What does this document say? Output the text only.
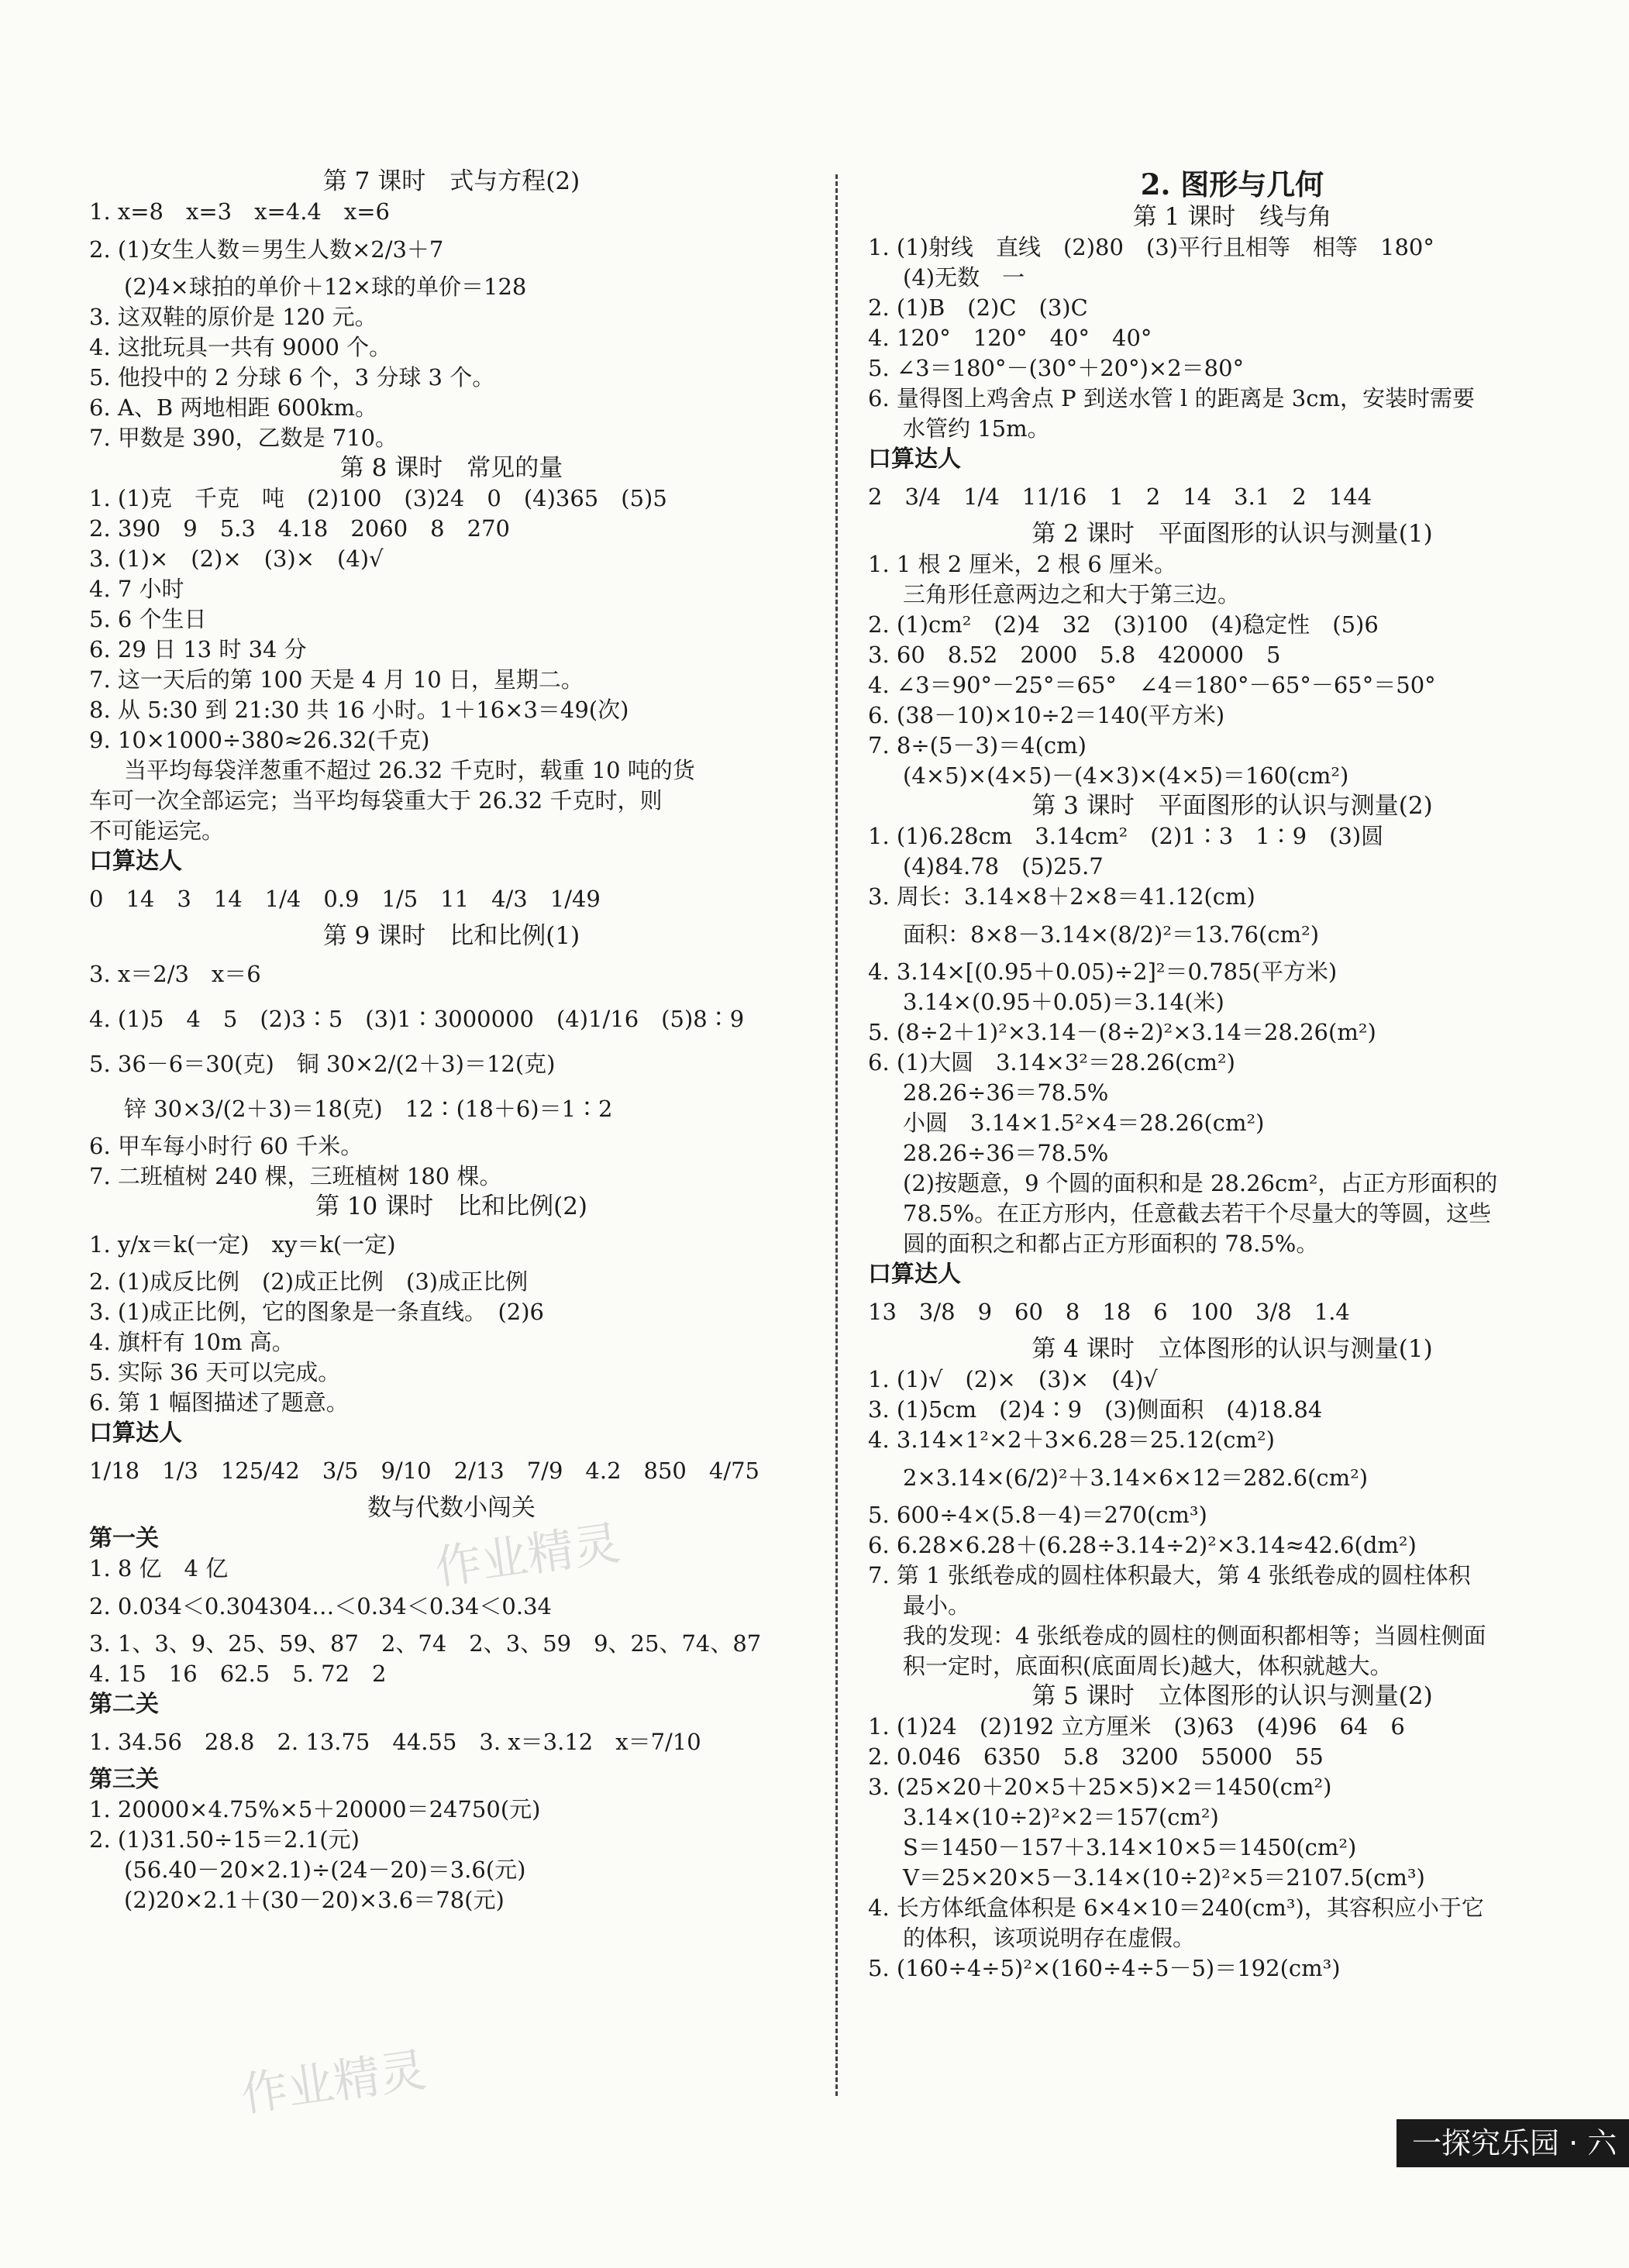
第 7 课时　式与方程(2)
1. x=8　x=3　x=4.4　x=6
2. (1)女生人数＝男生人数×2/3＋7
(2)4×球拍的单价＋12×球的单价＝128
3. 这双鞋的原价是 120 元。
4. 这批玩具一共有 9000 个。
5. 他投中的 2 分球 6 个，3 分球 3 个。
6. A、B 两地相距 600km。
7. 甲数是 390，乙数是 710。
第 8 课时　常见的量
1. (1)克　千克　吨　(2)100　(3)24　0　(4)365　(5)5
2. 390　9　5.3　4.18　2060　8　270
3. (1)×　(2)×　(3)×　(4)√
4. 7 小时
5. 6 个生日
6. 29 日 13 时 34 分
7. 这一天后的第 100 天是 4 月 10 日，星期二。
8. 从 5:30 到 21:30 共 16 小时。1＋16×3＝49(次)
9. 10×1000÷380≈26.32(千克)
当平均每袋洋葱重不超过 26.32 千克时，载重 10 吨的货
车可一次全部运完；当平均每袋重大于 26.32 千克时，则
不可能运完。
口算达人
0　14　3　14　1/4　0.9　1/5　11　4/3　1/49
第 9 课时　比和比例(1)
3. x＝2/3　x＝6
4. (1)5　4　5　(2)3∶5　(3)1∶3000000　(4)1/16　(5)8∶9
5. 36－6＝30(克)　铜 30×2/(2＋3)＝12(克)
锌 30×3/(2＋3)＝18(克)　12∶(18＋6)＝1∶2
6. 甲车每小时行 60 千米。
7. 二班植树 240 棵，三班植树 180 棵。
第 10 课时　比和比例(2)
1. y/x＝k(一定)　xy＝k(一定)
2. (1)成反比例　(2)成正比例　(3)成正比例
3. (1)成正比例，它的图象是一条直线。　(2)6
4. 旗杆有 10m 高。
5. 实际 36 天可以完成。
6. 第 1 幅图描述了题意。
口算达人
1/18　1/3　125/42　3/5　9/10　2/13　7/9　4.2　850　4/75
数与代数小闯关
第一关
1. 8 亿　4 亿
2. 0.034＜0.304304…＜0.34＜0.34＜0.34
3. 1、3、9、25、59、87　2、74　2、3、59　9、25、74、87
4. 15　16　62.5　5. 72　2
第二关
1. 34.56　28.8　2. 13.75　44.55　3. x＝3.12　x＝7/10
第三关
1. 20000×4.75%×5＋20000＝24750(元)
2. (1)31.50÷15＝2.1(元)
(56.40－20×2.1)÷(24－20)＝3.6(元)
(2)20×2.1＋(30－20)×3.6＝78(元)
2. 图形与几何
第 1 课时　线与角
1. (1)射线　直线　(2)80　(3)平行且相等　相等　180°
(4)无数　一
2. (1)B　(2)C　(3)C
4. 120°　120°　40°　40°
5. ∠3＝180°－(30°＋20°)×2＝80°
6. 量得图上鸡舍点 P 到送水管 l 的距离是 3cm，安装时需要
水管约 15m。
口算达人
2　3/4　1/4　11/16　1　2　14　3.1　2　144
第 2 课时　平面图形的认识与测量(1)
1. 1 根 2 厘米，2 根 6 厘米。
三角形任意两边之和大于第三边。
2. (1)cm²　(2)4　32　(3)100　(4)稳定性　(5)6
3. 60　8.52　2000　5.8　420000　5
4. ∠3＝90°－25°＝65°　∠4＝180°－65°－65°＝50°
6. (38－10)×10÷2＝140(平方米)
7. 8÷(5－3)＝4(cm)
(4×5)×(4×5)－(4×3)×(4×5)＝160(cm²)
第 3 课时　平面图形的认识与测量(2)
1. (1)6.28cm　3.14cm²　(2)1∶3　1∶9　(3)圆
(4)84.78　(5)25.7
3. 周长：3.14×8＋2×8＝41.12(cm)
面积：8×8－3.14×(8/2)²＝13.76(cm²)
4. 3.14×[(0.95＋0.05)÷2]²＝0.785(平方米)
3.14×(0.95＋0.05)＝3.14(米)
5. (8÷2＋1)²×3.14－(8÷2)²×3.14＝28.26(m²)
6. (1)大圆　3.14×3²＝28.26(cm²)
28.26÷36＝78.5%
小圆　3.14×1.5²×4＝28.26(cm²)
28.26÷36＝78.5%
(2)按题意，9 个圆的面积和是 28.26cm²，占正方形面积的
78.5%。在正方形内，任意截去若干个尽量大的等圆，这些
圆的面积之和都占正方形面积的 78.5%。
口算达人
13　3/8　9　60　8　18　6　100　3/8　1.4
第 4 课时　立体图形的认识与测量(1)
1. (1)√　(2)×　(3)×　(4)√
3. (1)5cm　(2)4∶9　(3)侧面积　(4)18.84
4. 3.14×1²×2＋3×6.28＝25.12(cm²)
2×3.14×(6/2)²＋3.14×6×12＝282.6(cm²)
5. 600÷4×(5.8－4)＝270(cm³)
6. 6.28×6.28＋(6.28÷3.14÷2)²×3.14≈42.6(dm²)
7. 第 1 张纸卷成的圆柱体积最大，第 4 张纸卷成的圆柱体积
最小。
我的发现：4 张纸卷成的圆柱的侧面积都相等；当圆柱侧面
积一定时，底面积(底面周长)越大，体积就越大。
第 5 课时　立体图形的认识与测量(2)
1. (1)24　(2)192 立方厘米　(3)63　(4)96　64　6
2. 0.046　6350　5.8　3200　55000　55
3. (25×20＋20×5＋25×5)×2＝1450(cm²)
3.14×(10÷2)²×2＝157(cm²)
S＝1450－157＋3.14×10×5＝1450(cm²)
V＝25×20×5－3.14×(10÷2)²×5＝2107.5(cm³)
4. 长方体纸盒体积是 6×4×10＝240(cm³)，其容积应小于它
的体积，该项说明存在虚假。
5. (160÷4÷5)²×(160÷4÷5－5)＝192(cm³)
作业精灵
作业精灵
一探究乐园 · 六
